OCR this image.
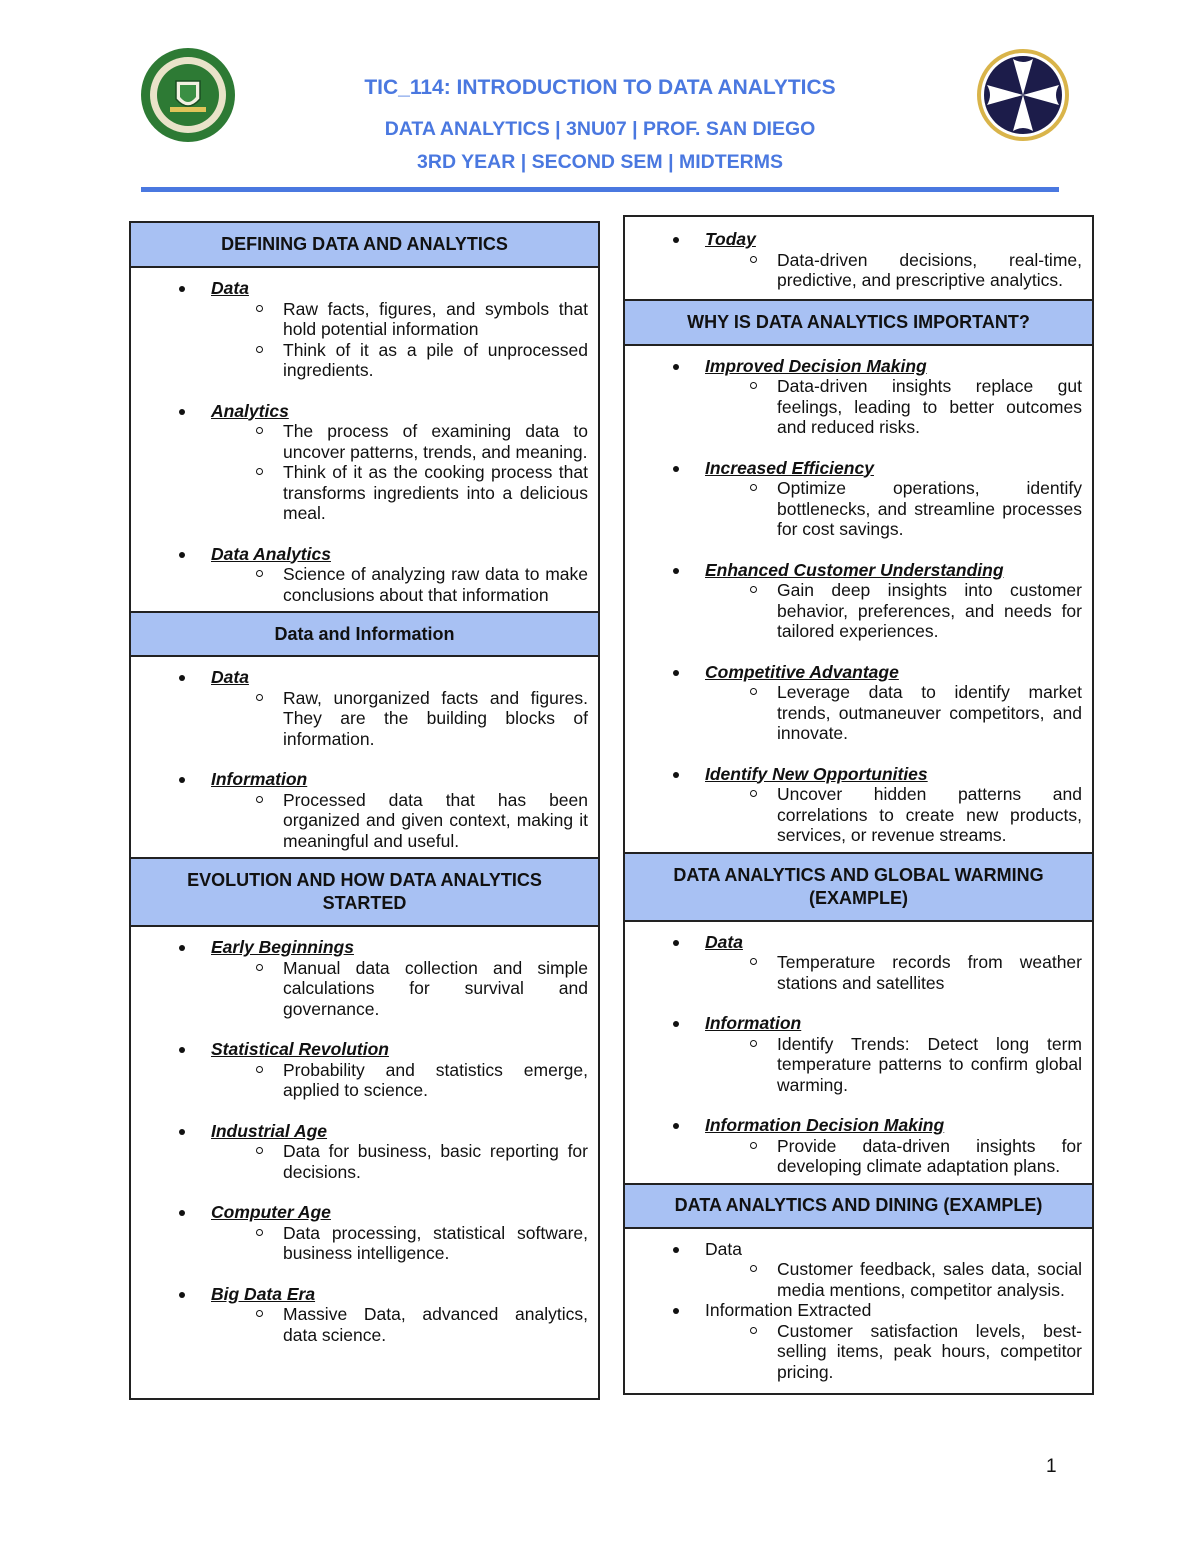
TIC_114: INTRODUCTION TO DATA ANALYTICS
DATA ANALYTICS | 3NU07 | PROF. SAN DIEGO
3RD YEAR | SECOND SEM | MIDTERMS
DEFINING DATA AND ANALYTICS
Data
Raw facts, figures, and symbols that hold potential information
Think of it as a pile of unprocessed ingredients.
Analytics
The process of examining data to uncover patterns, trends, and meaning.
Think of it as the cooking process that transforms ingredients into a delicious meal.
Data Analytics
Science of analyzing raw data to make conclusions about that information
Data and Information
Data
Raw, unorganized facts and figures. They are the building blocks of information.
Information
Processed data that has been organized and given context, making it meaningful and useful.
EVOLUTION AND HOW DATA ANALYTICS STARTED
Early Beginnings
Manual data collection and simple calculations for survival and governance.
Statistical Revolution
Probability and statistics emerge, applied to science.
Industrial Age
Data for business, basic reporting for decisions.
Computer Age
Data processing, statistical software, business intelligence.
Big Data Era
Massive Data, advanced analytics, data science.
Today
Data-driven decisions, real-time, predictive, and prescriptive analytics.
WHY IS DATA ANALYTICS IMPORTANT?
Improved Decision Making
Data-driven insights replace gut feelings, leading to better outcomes and reduced risks.
Increased Efficiency
Optimize operations, identify bottlenecks, and streamline processes for cost savings.
Enhanced Customer Understanding
Gain deep insights into customer behavior, preferences, and needs for tailored experiences.
Competitive Advantage
Leverage data to identify market trends, outmaneuver competitors, and innovate.
Identify New Opportunities
Uncover hidden patterns and correlations to create new products, services, or revenue streams.
DATA ANALYTICS AND GLOBAL WARMING (EXAMPLE)
Data
Temperature records from weather stations and satellites
Information
Identify Trends: Detect long term temperature patterns to confirm global warming.
Information Decision Making
Provide data-driven insights for developing climate adaptation plans.
DATA ANALYTICS AND DINING (EXAMPLE)
Data
Customer feedback, sales data, social media mentions, competitor analysis.
Information Extracted
Customer satisfaction levels, best-selling items, peak hours, competitor pricing.
1
